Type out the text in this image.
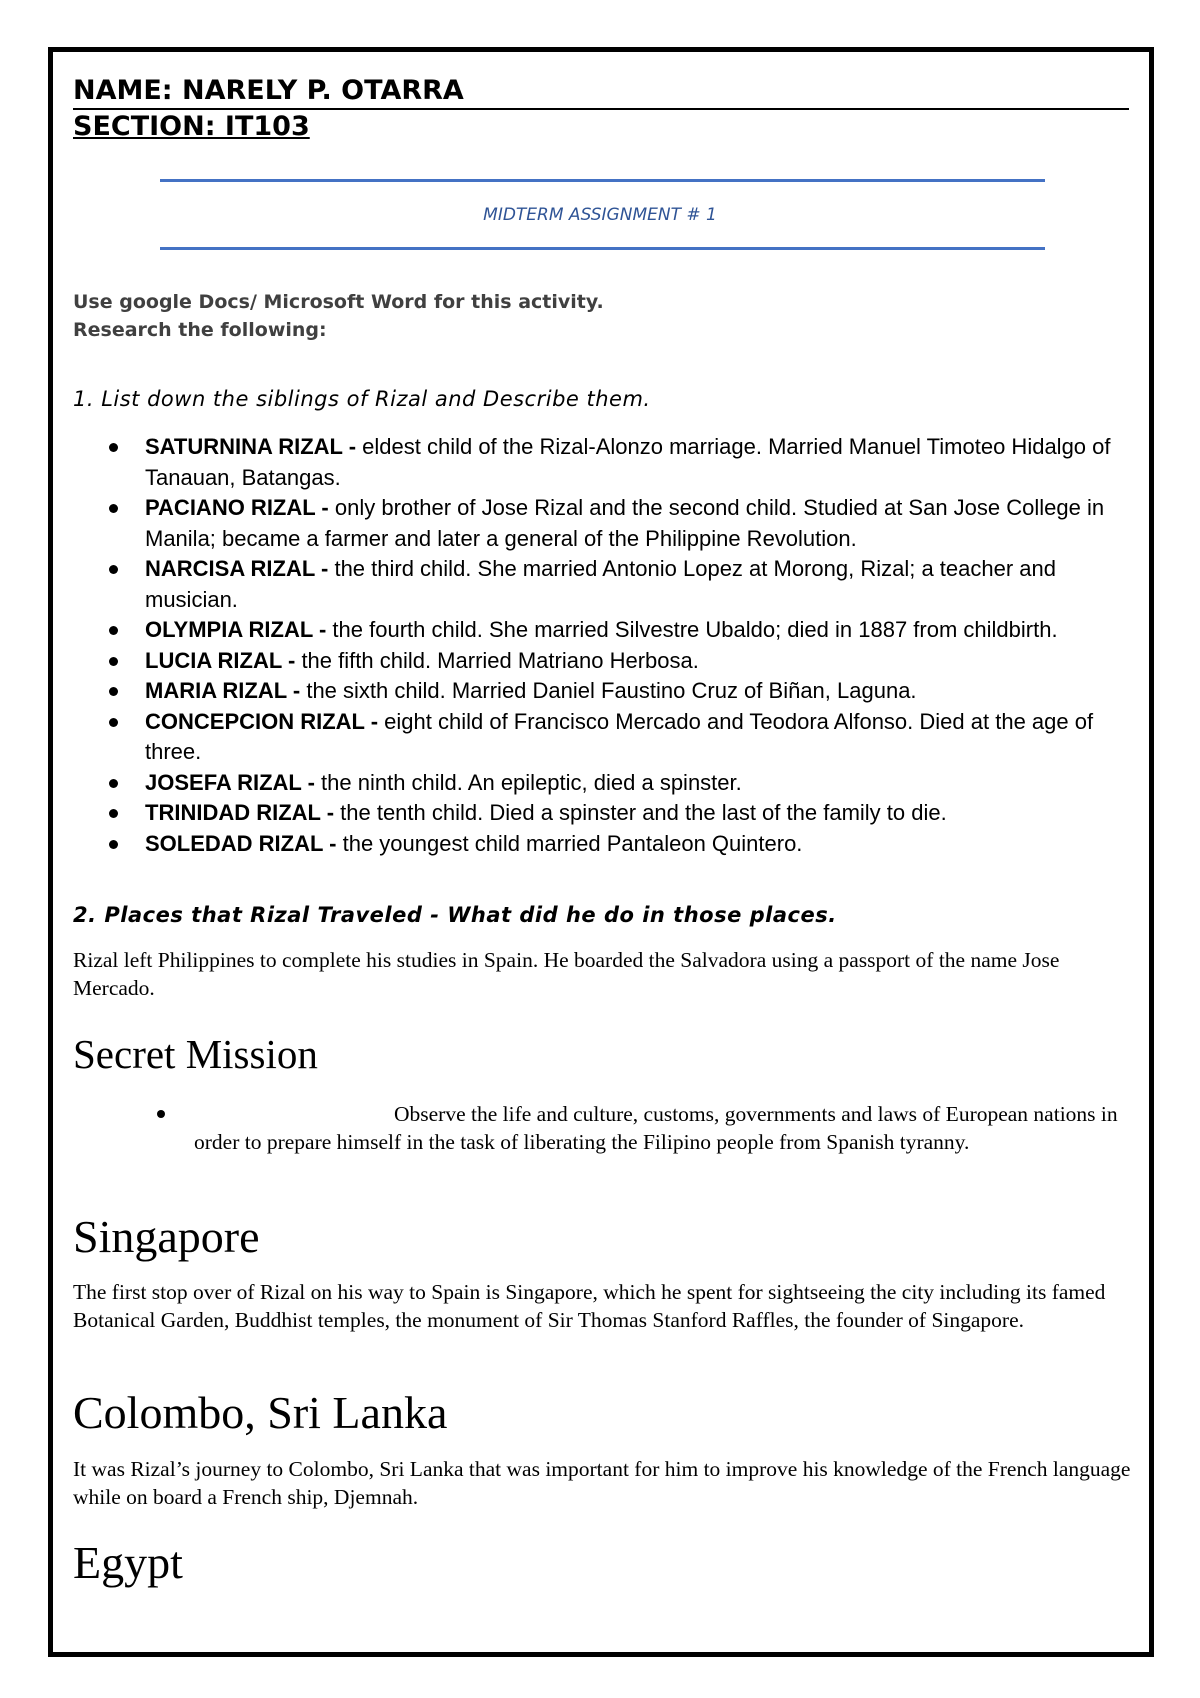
NAME: NARELY P. OTARRA
SECTION: IT103
MIDTERM ASSIGNMENT # 1
Use google Docs/ Microsoft Word for this activity.
Research the following:
1. List down the siblings of Rizal and Describe them.
SATURNINA RIZAL - eldest child of the Rizal-Alonzo marriage. Married Manuel Timoteo Hidalgo of Tanauan, Batangas.
PACIANO RIZAL - only brother of Jose Rizal and the second child. Studied at San Jose College in Manila; became a farmer and later a general of the Philippine Revolution.
NARCISA RIZAL - the third child. She married Antonio Lopez at Morong, Rizal; a teacher and musician.
OLYMPIA RIZAL - the fourth child. She married Silvestre Ubaldo; died in 1887 from childbirth.
LUCIA RIZAL - the fifth child. Married Matriano Herbosa.
MARIA RIZAL - the sixth child. Married Daniel Faustino Cruz of Biñan, Laguna.
CONCEPCION RIZAL - eight child of Francisco Mercado and Teodora Alfonso. Died at the age of three.
JOSEFA RIZAL - the ninth child. An epileptic, died a spinster.
TRINIDAD RIZAL - the tenth child. Died a spinster and the last of the family to die.
SOLEDAD RIZAL - the youngest child married Pantaleon Quintero.
2. Places that Rizal Traveled - What did he do in those places.
Rizal left Philippines to complete his studies in Spain. He boarded the Salvadora using a passport of the name Jose Mercado.
Secret Mission
Observe the life and culture, customs, governments and laws of European nations in order to prepare himself in the task of liberating the Filipino people from Spanish tyranny.
Singapore
The first stop over of Rizal on his way to Spain is Singapore, which he spent for sightseeing the city including its famed Botanical Garden, Buddhist temples, the monument of Sir Thomas Stanford Raffles, the founder of Singapore.
Colombo, Sri Lanka
It was Rizal’s journey to Colombo, Sri Lanka that was important for him to improve his knowledge of the French language while on board a French ship, Djemnah.
Egypt
